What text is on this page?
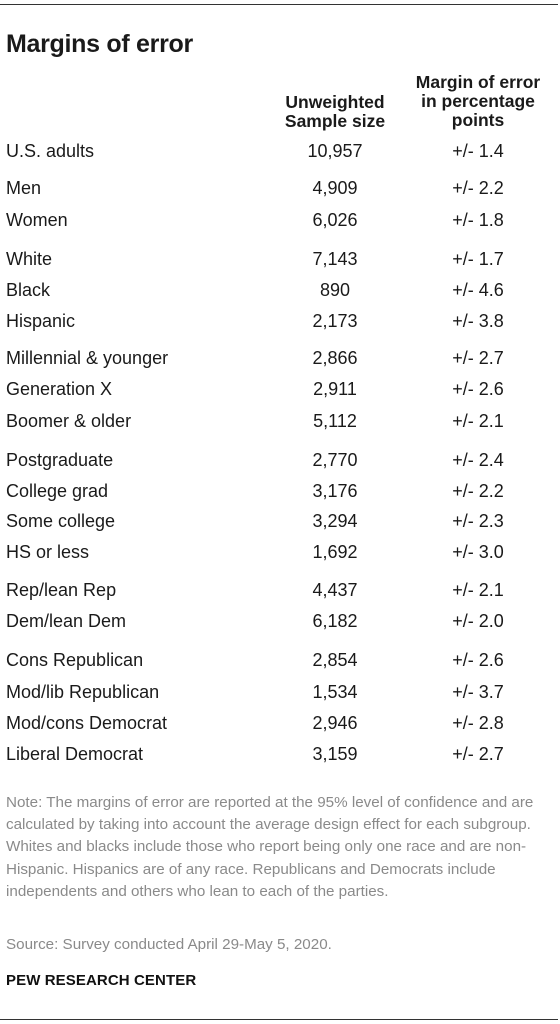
Margins of error
Unweighted
Sample size
Margin of error
in percentage
points
U.S. adults	10,957	+/- 1.4
Men	4,909	+/- 2.2
Women	6,026	+/- 1.8
White	7,143	+/- 1.7
Black	890	+/- 4.6
Hispanic	2,173	+/- 3.8
Millennial & younger	2,866	+/- 2.7
Generation X	2,911	+/- 2.6
Boomer & older	5,112	+/- 2.1
Postgraduate	2,770	+/- 2.4
College grad	3,176	+/- 2.2
Some college	3,294	+/- 2.3
HS or less	1,692	+/- 3.0
Rep/lean Rep	4,437	+/- 2.1
Dem/lean Dem	6,182	+/- 2.0
Cons Republican	2,854	+/- 2.6
Mod/lib Republican	1,534	+/- 3.7
Mod/cons Democrat	2,946	+/- 2.8
Liberal Democrat	3,159	+/- 2.7

Note: The margins of error are reported at the 95% level of confidence and are calculated by taking into account the average design effect for each subgroup. Whites and blacks include those who report being only one race and are non-Hispanic. Hispanics are of any race. Republicans and Democrats include independents and others who lean to each of the parties.

Source: Survey conducted April 29-May 5, 2020.
PEW RESEARCH CENTER
